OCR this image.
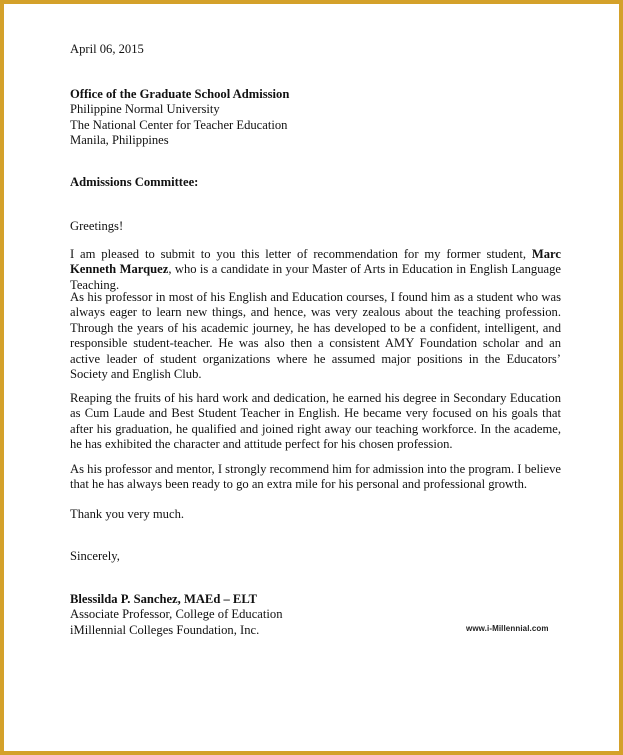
April 06, 2015
Office of the Graduate School Admission
Philippine Normal University
The National Center for Teacher Education
Manila, Philippines
Admissions Committee:
Greetings!
I am pleased to submit to you this letter of recommendation for my former student, Marc Kenneth Marquez, who is a candidate in your Master of Arts in Education in English Language Teaching.
As his professor in most of his English and Education courses, I found him as a student who was always eager to learn new things, and hence, was very zealous about the teaching profession. Through the years of his academic journey, he has developed to be a confident, intelligent, and responsible student-teacher. He was also then a consistent AMY Foundation scholar and an active leader of student organizations where he assumed major positions in the Educators’ Society and English Club.
Reaping the fruits of his hard work and dedication, he earned his degree in Secondary Education as Cum Laude and Best Student Teacher in English. He became very focused on his goals that after his graduation, he qualified and joined right away our teaching workforce. In the academe, he has exhibited the character and attitude perfect for his chosen profession.
As his professor and mentor, I strongly recommend him for admission into the program. I believe that he has always been ready to go an extra mile for his personal and professional growth.
Thank you very much.
Sincerely,
Blessilda P. Sanchez, MAEd – ELT
Associate Professor, College of Education
iMillennial Colleges Foundation, Inc.	www.i-Millennial.com
